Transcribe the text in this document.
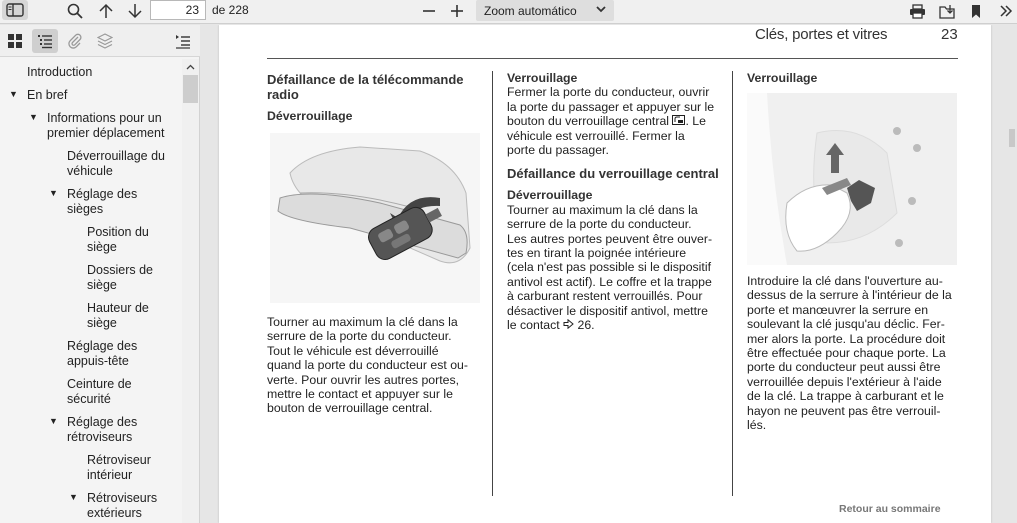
23
de 228	Zoom automático
Introduction
▼ En bref
▼ Informations pour un premier déplacement
Déverrouillage du véhicule
▼ Réglage des sièges
Position du siège
Dossiers de siège
Hauteur de siège
Réglage des appuis-tête
Ceinture de sécurité
▼ Réglage des rétroviseurs
Rétroviseur intérieur
▼ Rétroviseurs extérieurs
Clés, portes et vitres	23
Défaillance de la télécommande radio
Déverrouillage

Tourner au maximum la clé dans la

serrure de la porte du conducteur.

Tout le véhicule est déverrouillé

quand la porte du conducteur est ou-

verte. Pour ouvrir les autres portes,

mettre le contact et appuyer sur le

bouton de verrouillage central.

Verrouillage

Fermer la porte du conducteur, ouvrir

la porte du passager et appuyer sur le

bouton du verrouillage central . Le

véhicule est verrouillé. Fermer la

porte du passager.

Défaillance du verrouillage central
Déverrouillage

Tourner au maximum la clé dans la

serrure de la porte du conducteur.

Les autres portes peuvent être ouver-

tes en tirant la poignée intérieure

(cela n'est pas possible si le dispositif

antivol est actif). Le coffre et la trappe

à carburant restent verrouillés. Pour

désactiver le dispositif antivol, mettre

le contact 26.

Verrouillage

Introduire la clé dans l'ouverture au-

dessus de la serrure à l'intérieur de la

porte et manœuvrer la serrure en

soulevant la clé jusqu'au déclic. Fer-

mer alors la porte. La procédure doit

être effectuée pour chaque porte. La

porte du conducteur peut aussi être

verrouillée depuis l'extérieur à l'aide

de la clé. La trappe à carburant et le

hayon ne peuvent pas être verrouil-

lés.

Retour au sommaire
